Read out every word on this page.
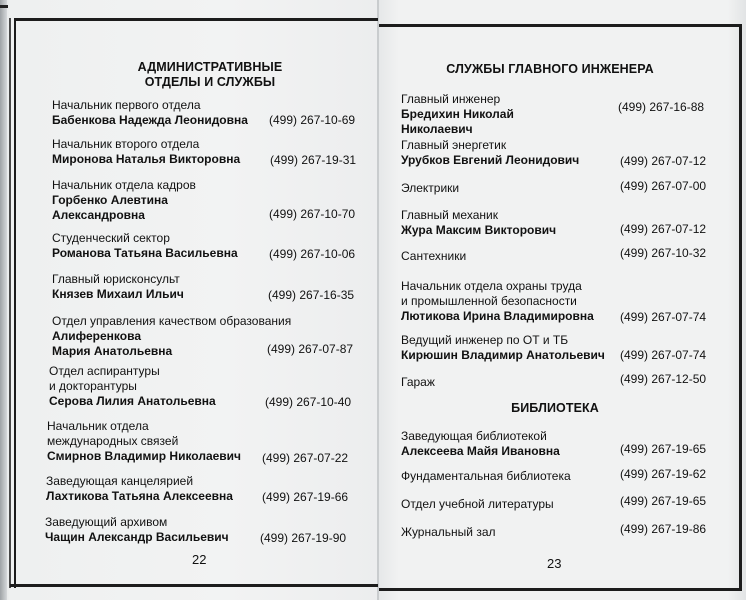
АДМИНИСТРАТИВНЫЕ
ОТДЕЛЫ И СЛУЖБЫ
Начальник первого отдела
Бабенкова Надежда Леонидовна (499) 267-10-69
Начальник второго отдела
Миронова Наталья Викторовна (499) 267-19-31
Начальник отдела кадров
Горбенко Алевтина
Александровна	(499) 267-10-70
Студенческий сектор
Романова Татьяна Васильевна	(499) 267-10-06
Главный юрисконсульт
Князев Михаил Ильич	(499) 267-16-35
Отдел управления качеством образования
Алиференкова
Мария Анатольевна	(499) 267-07-87
Отдел аспирантуры
и докторантуры
Серова Лилия Анатольевна	(499) 267-10-40
Начальник отдела
международных связей
Смирнов Владимир Николаевич (499) 267-07-22
Заведующая канцелярией
Лахтикова Татьяна Алексеевна (499) 267-19-66
Заведующий архивом
Чащин Александр Васильевич	(499) 267-19-90
22
СЛУЖБЫ ГЛАВНОГО ИНЖЕНЕРА
Главный инженер
Бредихин Николай
Николаевич
(499) 267-16-88
Главный энергетик
Урубков Евгений Леонидович	(499) 267-07-12
Электрики	(499) 267-07-00
Главный механик
Жура Максим Викторович	(499) 267-07-12
Сантехники	(499) 267-10-32
Начальник отдела охраны труда
и промышленной безопасности
Лютикова Ирина Владимировна (499) 267-07-74
Ведущий инженер по ОТ и ТБ
Кирюшин Владимир Анатольевич (499) 267-07-74
Гараж	(499) 267-12-50
БИБЛИОТЕКА
Заведующая библиотекой
Алексеева Майя Ивановна	(499) 267-19-65
Фундаментальная библиотека	(499) 267-19-62
Отдел учебной литературы	(499) 267-19-65
Журнальный зал	(499) 267-19-86
23
